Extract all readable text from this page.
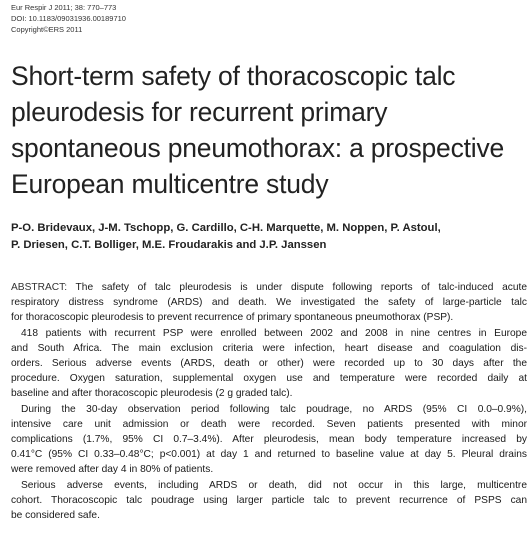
Eur Respir J 2011; 38: 770–773
DOI: 10.1183/09031936.00189710
Copyright©ERS 2011
Short-term safety of thoracoscopic talc
pleurodesis for recurrent primary
spontaneous pneumothorax: a prospective
European multicentre study
P-O. Bridevaux, J-M. Tschopp, G. Cardillo, C-H. Marquette, M. Noppen, P. Astoul,
P. Driesen, C.T. Bolliger, M.E. Froudarakis and J.P. Janssen
ABSTRACT: The safety of talc pleurodesis is under dispute following reports of talc-induced acute
respiratory distress syndrome (ARDS) and death. We investigated the safety of large-particle talc
for thoracoscopic pleurodesis to prevent recurrence of primary spontaneous pneumothorax (PSP).
418 patients with recurrent PSP were enrolled between 2002 and 2008 in nine centres in Europe
and South Africa. The main exclusion criteria were infection, heart disease and coagulation dis-
orders. Serious adverse events (ARDS, death or other) were recorded up to 30 days after the
procedure. Oxygen saturation, supplemental oxygen use and temperature were recorded daily at
baseline and after thoracoscopic pleurodesis (2 g graded talc).
During the 30-day observation period following talc poudrage, no ARDS (95% CI 0.0–0.9%),
intensive care unit admission or death were recorded. Seven patients presented with minor
complications (1.7%, 95% CI 0.7–3.4%). After pleurodesis, mean body temperature increased by
0.41°C (95% CI 0.33–0.48°C; p<0.001) at day 1 and returned to baseline value at day 5. Pleural drains
were removed after day 4 in 80% of patients.
Serious adverse events, including ARDS or death, did not occur in this large, multicentre
cohort. Thoracoscopic talc poudrage using larger particle talc to prevent recurrence of PSPS can
be considered safe.
